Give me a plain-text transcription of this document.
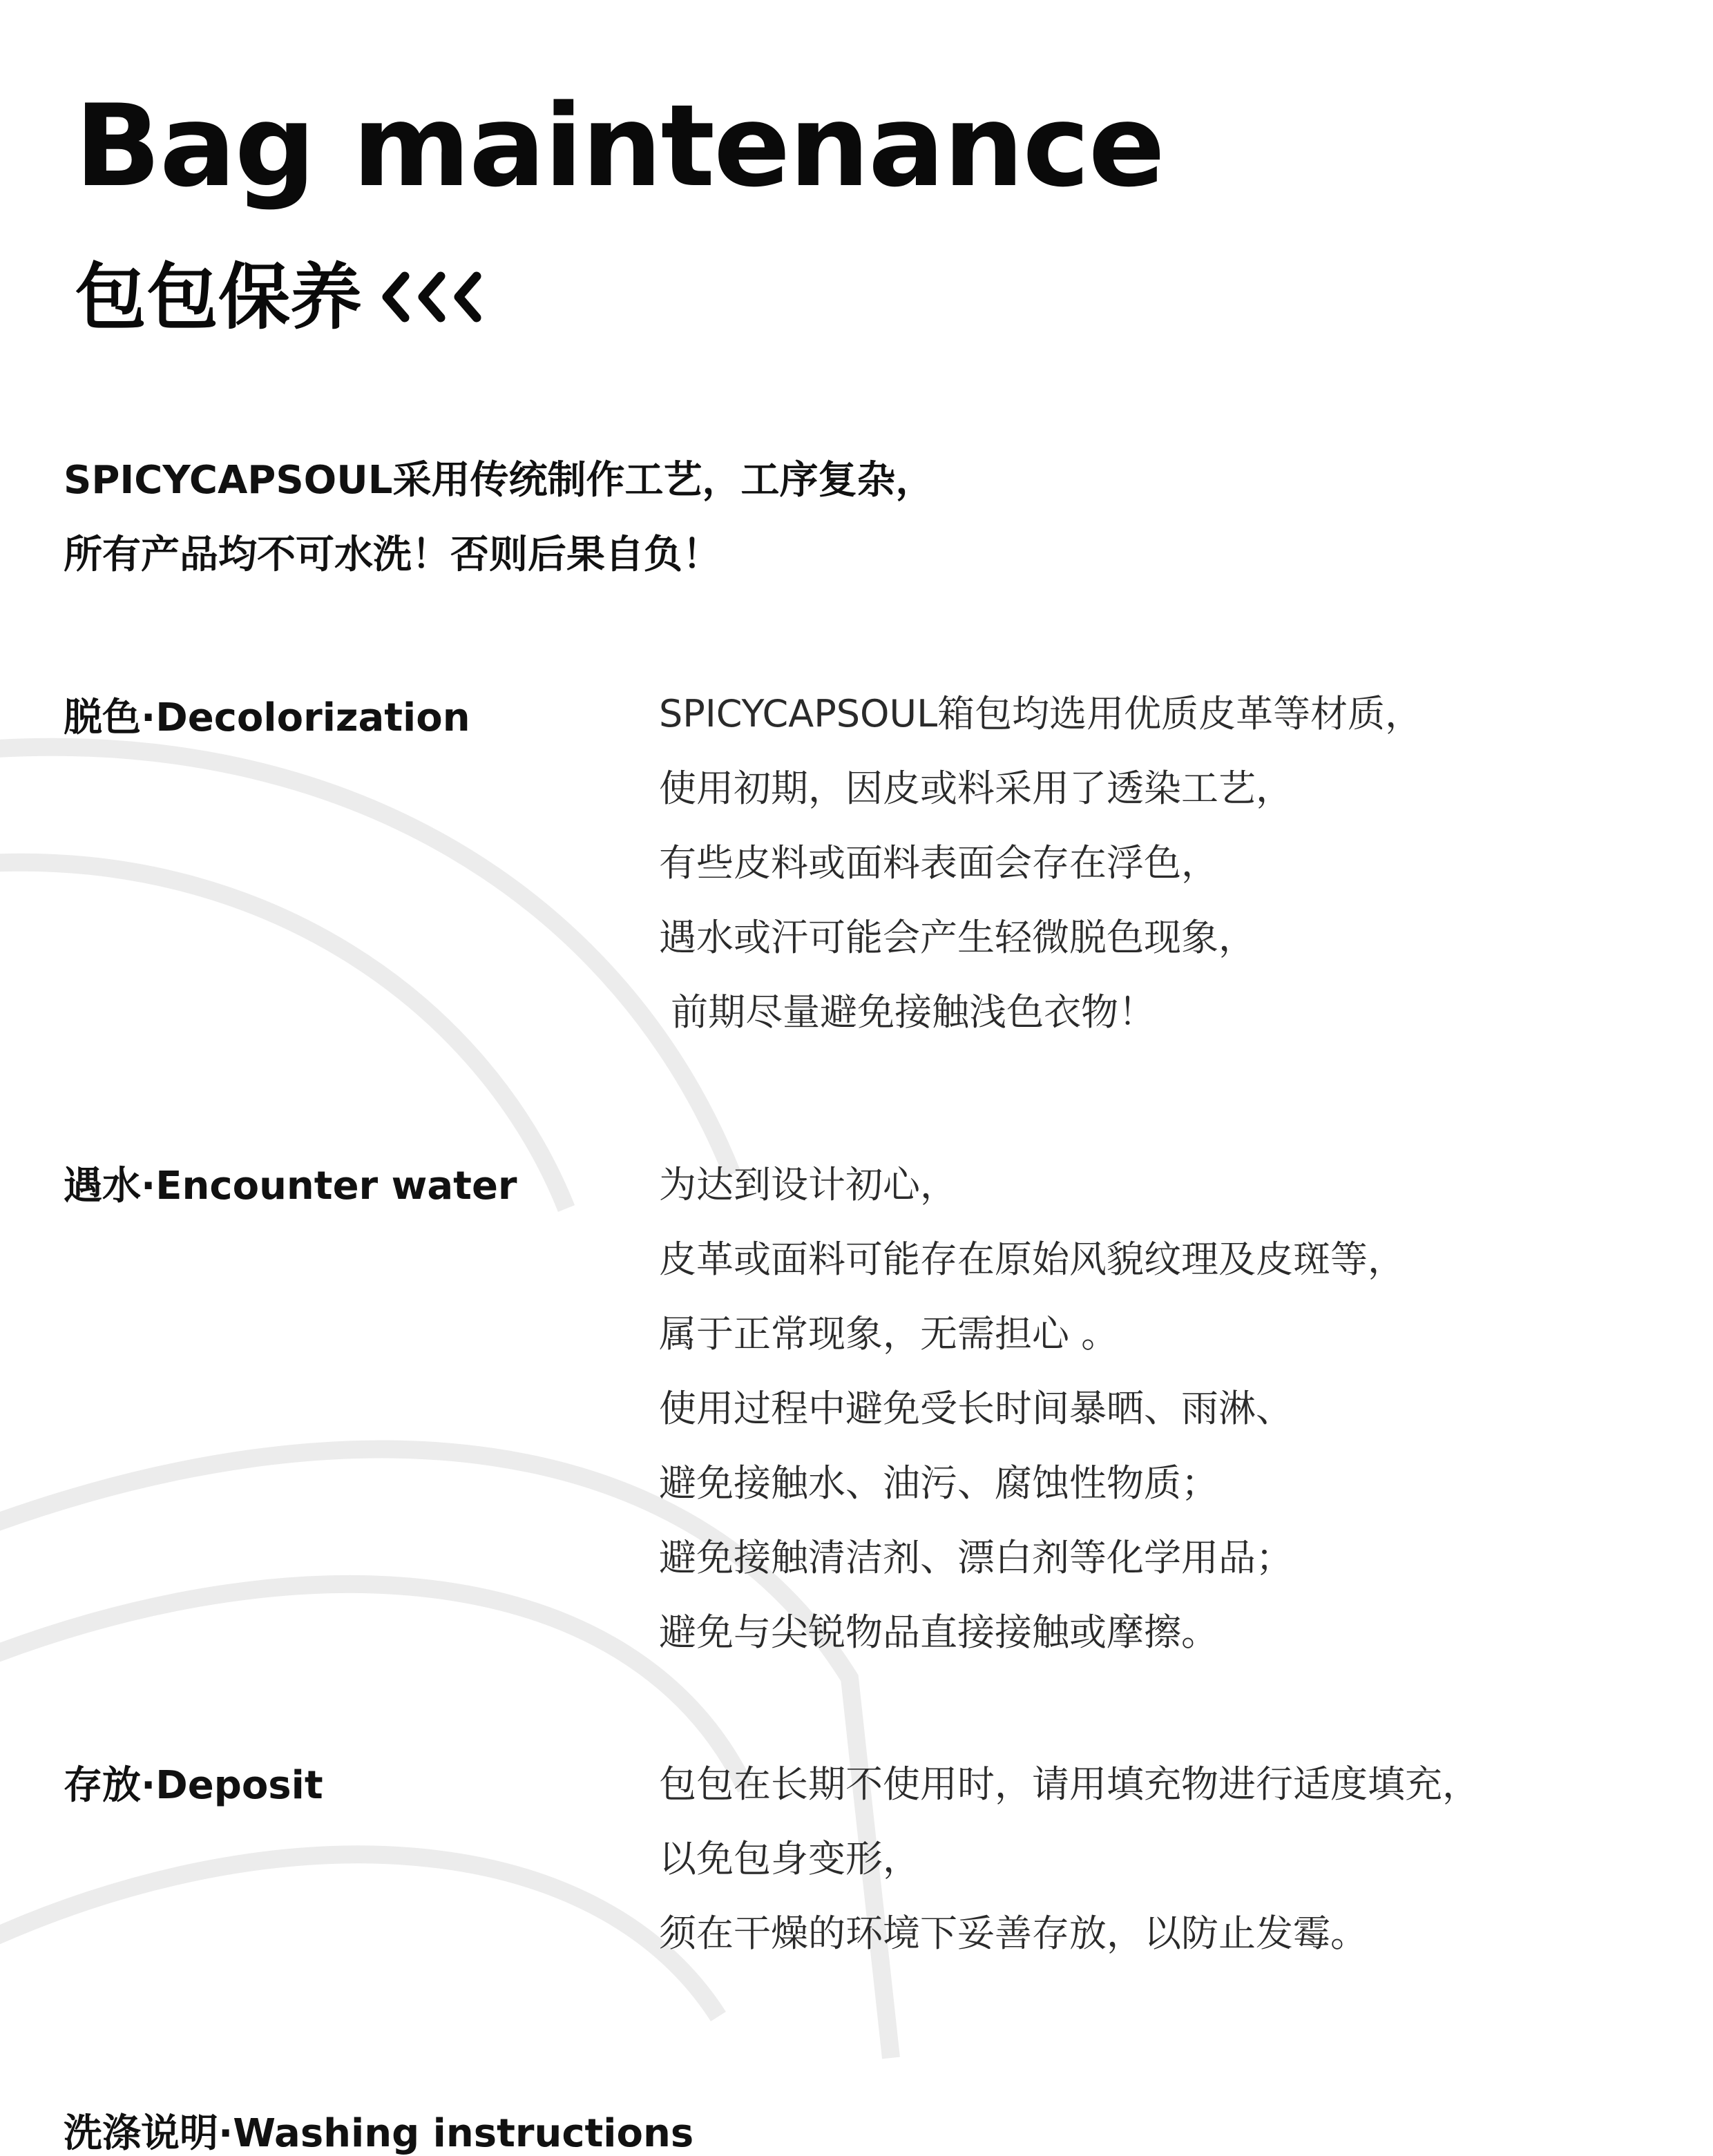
Bag maintenance
包包保养
SPICYCAPSOUL采用传统制作工艺，工序复杂，
所有产品均不可水洗！否则后果自负！
脱色·Decolorization	SPICYCAPSOUL箱包均选用优质皮革等材质，
使用初期，因皮或料采用了透染工艺，
有些皮料或面料表面会存在浮色，
遇水或汗可能会产生轻微脱色现象，
前期尽量避免接触浅色衣物！
遇水·Encounter water	为达到设计初心，
皮革或面料可能存在原始风貌纹理及皮斑等，
属于正常现象，无需担心 。
使用过程中避免受长时间暴晒、雨淋、
避免接触水、油污、腐蚀性物质；
避免接触清洁剂、漂白剂等化学用品；
避免与尖锐物品直接接触或摩擦。
存放·Deposit	包包在长期不使用时，请用填充物进行适度填充，
以免包身变形，
须在干燥的环境下妥善存放，以防止发霉。
洗涤说明·Washing instructions
